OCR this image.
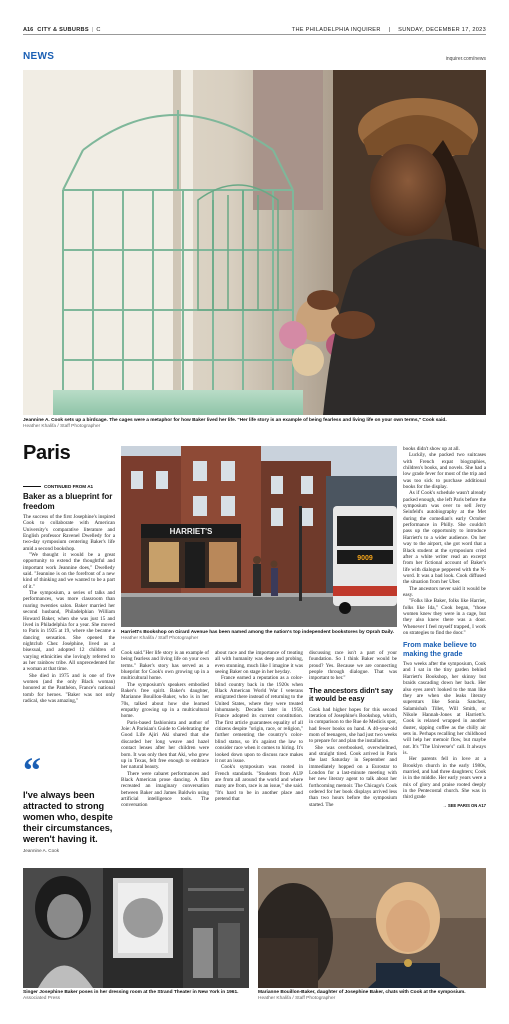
A16 CITY & SUBURBS | C	THE PHILADELPHIA INQUIRER | SUNDAY, DECEMBER 17, 2023
NEWS	inquirer.com/news
Jeannine A. Cook sets up a birdcage. The cages were a metaphor for how Baker lived her life. "Her life story is an example of being fearless and living life on your own terms," Cook said.
Heather Khalifa / Staff Photographer
Paris
CONTINUED FROM A1
Baker as a blueprint for freedom

The success of the first Josephine's inspired Cook to collaborate with American University's comparative literature and English professor Ravenel Dwelledy for a two-day symposium centering Baker's life amid a second bookshop.

"We thought it would be a great opportunity to extend the thoughtful and important work Jeannine does," Dwelledy said. "Jeannine is on the forefront of a new kind of thinking and we wanted to be a part of it."

The symposium, a series of talks and performances, was more classroom than roaring twenties salon. Baker married her second husband, Philadelphian William Howard Baker, when she was just 15 and lived in Philadelphia for a year. She moved to Paris in 1925 at 19, where she became a dancing sensation. She opened the nightclub Chez Joséphine, lived as a bisexual, and adopted 12 children of varying ethnicities she lovingly referred to as her rainbow tribe. All unprecedented for a woman at that time.

She died in 1975 and is one of five women (and the only Black woman) honored at the Panthéon, France's national tomb for heroes. "Baker was not only radical, she was amazing,"

“
I've always been attracted to strong women who, despite their circumstances, weren't having it.
Jeannine A. Cook
HARRIET'S
9009
Harriett's Bookshop on Girard Avenue has been named among the nation's top independent bookstores by Oprah Daily.
Heather Khalifa / Staff Photographer

Cook said."Her life story is an example of being fearless and living life on your own terms." Baker's story has served as a blueprint for Cook's own growing up in a multicultural home.

The symposium's speakers embodied Baker's free spirit. Baker's daughter, Marianne Bouillon-Baker, who is in her 70s, talked about how she learned empathy growing up in a multicultural home.

Paris-based fashionista and author of Joie: A Parisian's Guide to Celebrating the Good Life Ajiri Aki shared that she discarded her long weave and hazel contact lenses after her children were born. It was only then that Aki, who grew up in Texas, felt free enough to embrace her natural beauty.

There were cabaret performances and Black American prose dancing. A film recreated an imaginary conversation between Baker and James Baldwin using artificial intelligence tools. The conversation

about race and the importance of treating all with humanity was deep and probing, even stunning, much like I imagine it was seeing Baker on stage in her heyday.

France earned a reputation as a color-blind country back in the 1920s when Black American World War I veterans emigrated there instead of returning to the United States, where they were treated inhumanely. Decades later in 1958, France adopted its current constitution. The first article guarantees equality of all citizens despite "origin, race, or religion," further cementing the country's color-blind status, so it's against the law to consider race when it comes to hiring. It's looked down upon to discuss race makes it not an issue.

Cook's symposium was rooted in French standards. "Students from AUP are from all around the world and where many are from, race is an issue," she said. "It's hard to be in another place and pretend that

discussing race isn't a part of your foundation. So I think Baker would be proud? Yes. Because we are connecting people through dialogue. That was important to her."

The ancestors didn't say it would be easy

Cook had higher hopes for this second iteration of Josephine's Bookshop, which, in comparison to the Rue de Medicis spot, had fewer books on hand. A 40-year-old mom of teenagers, she had just two weeks to prepare for and plan the installation.

She was overbooked, overwhelmed, and straight tired. Cook arrived in Paris the last Saturday in September and immediately hopped on a Eurostar to London for a last-minute meeting with her new literary agent to talk about her forthcoming memoir. The Chicago's Cook ordered for her book displays arrived less than two hours before the symposium started. The

books didn't show up at all.

Luckily, she packed two suitcases with French expat biographies, children's books, and novels. She had a low grade fever for most of the trip and was too sick to purchase additional books for the display.

As if Cook's schedule wasn't already packed enough, she left Paris before the symposium was over to sell Jerry Seinfeld's autobiography at the Met during the comedian's early October performance in Philly. She couldn't pass up the opportunity to introduce Harriett's to a wider audience. On her way to the airport, she got word that a Black student at the symposium cried after a white writer read an excerpt from her fictional account of Baker's life with dialogue peppered with the N-word. It was a bad look. Cook diffused the situation from her Uber.

The ancestors never said it would be easy.

"Folks like Baker, folks like Harriet, folks like Ida," Cook began, "those women knew they were in a cage, but they also knew there was a door. Whenever I feel myself trapped, I work on strategies to find the door."

From make believe to making the grade

Two weeks after the symposium, Cook and I sat in the tiny garden behind Harriett's Bookshop, her skinny but braids cascading down her back. Her also eyes aren't looked to the man like they are when she leaks literary superstars like Sonia Sanchez, Salamishah Tillet, Will Smith, or Nikole Hannah-Jones at Harriett's. Cook is relaxed wrapped in another duster, sipping coffee as the chilly air sets in. Perhaps recalling her childhood will help her memoir flow, but maybe not. It's "The Universe's" call. It always is.

Her parents fell in love at a Brooklyn church in the early 1980s, married, and had three daughters; Cook is in the middle. Her early years were a mix of glory and praise rooted deeply in the Pentecostal church. She was in third grade

→ SEE PARIS ON A17
Singer Josephine Baker poses in her dressing room at the Strand Theater in New York in 1961.
Associated Press
Marianne Bouillon-Baker, daughter of Josephine Baker, chats with Cook at the symposium.
Heather Khalifa / Staff Photographer
